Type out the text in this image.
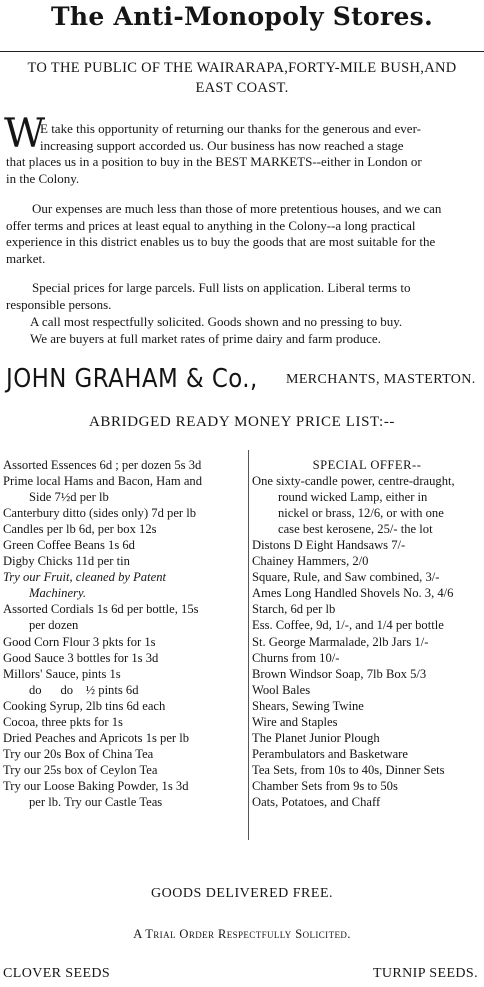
The Anti-Monopoly Stores.
TO THE PUBLIC OF THE WAIRARAPA,FORTY-MILE BUSH,AND
EAST COAST.
W
E take this opportunity of returning our thanks for the generous and ever-
increasing support accorded us. Our business has now reached a stage
that places us in a position to buy in the BEST MARKETS--either in London or
in the Colony.
Our expenses are much less than those of more pretentious houses, and we can
offer terms and prices at least equal to anything in the Colony--a long practical
experience in this district enables us to buy the goods that are most suitable for the
market.
Special prices for large parcels. Full lists on application. Liberal terms to
responsible persons.
A call most respectfully solicited. Goods shown and no pressing to buy.
We are buyers at full market rates of prime dairy and farm produce.
JOHN GRAHAM & Co., MERCHANTS, MASTERTON.
ABRIDGED READY MONEY PRICE LIST:--
Assorted Essences 6d ; per dozen 5s 3d
Prime local Hams and Bacon, Ham and
Side 7½d per lb
Canterbury ditto (sides only) 7d per lb
Candles per lb 6d, per box 12s
Green Coffee Beans 1s 6d
Digby Chicks 11d per tin
Try our Fruit, cleaned by Patent
Machinery.
Assorted Cordials 1s 6d per bottle, 15s
per dozen
Good Corn Flour 3 pkts for 1s
Good Sauce 3 bottles for 1s 3d
Millors' Sauce, pints 1s
do      do    ½ pints 6d
Cooking Syrup, 2lb tins 6d each
Cocoa, three pkts for 1s
Dried Peaches and Apricots 1s per lb
Try our 20s Box of China Tea
Try our 25s box of Ceylon Tea
Try our Loose Baking Powder, 1s 3d
per lb. Try our Castle Teas
SPECIAL OFFER--
One sixty-candle power, centre-draught,
round wicked Lamp, either in
nickel or brass, 12/6, or with one
case best kerosene, 25/- the lot
Distons D Eight Handsaws 7/-
Chainey Hammers, 2/0
Square, Rule, and Saw combined, 3/-
Ames Long Handled Shovels No. 3, 4/6
Starch, 6d per lb
Ess. Coffee, 9d, 1/-, and 1/4 per bottle
St. George Marmalade, 2lb Jars 1/-
Churns from 10/-
Brown Windsor Soap, 7lb Box 5/3
Wool Bales
Shears, Sewing Twine
Wire and Staples
The Planet Junior Plough
Perambulators and Basketware
Tea Sets, from 10s to 40s, Dinner Sets
Chamber Sets from 9s to 50s
Oats, Potatoes, and Chaff
GOODS DELIVERED FREE.
A Trial Order Respectfully Solicited.
CLOVER SEEDS	TURNIP SEEDS.
